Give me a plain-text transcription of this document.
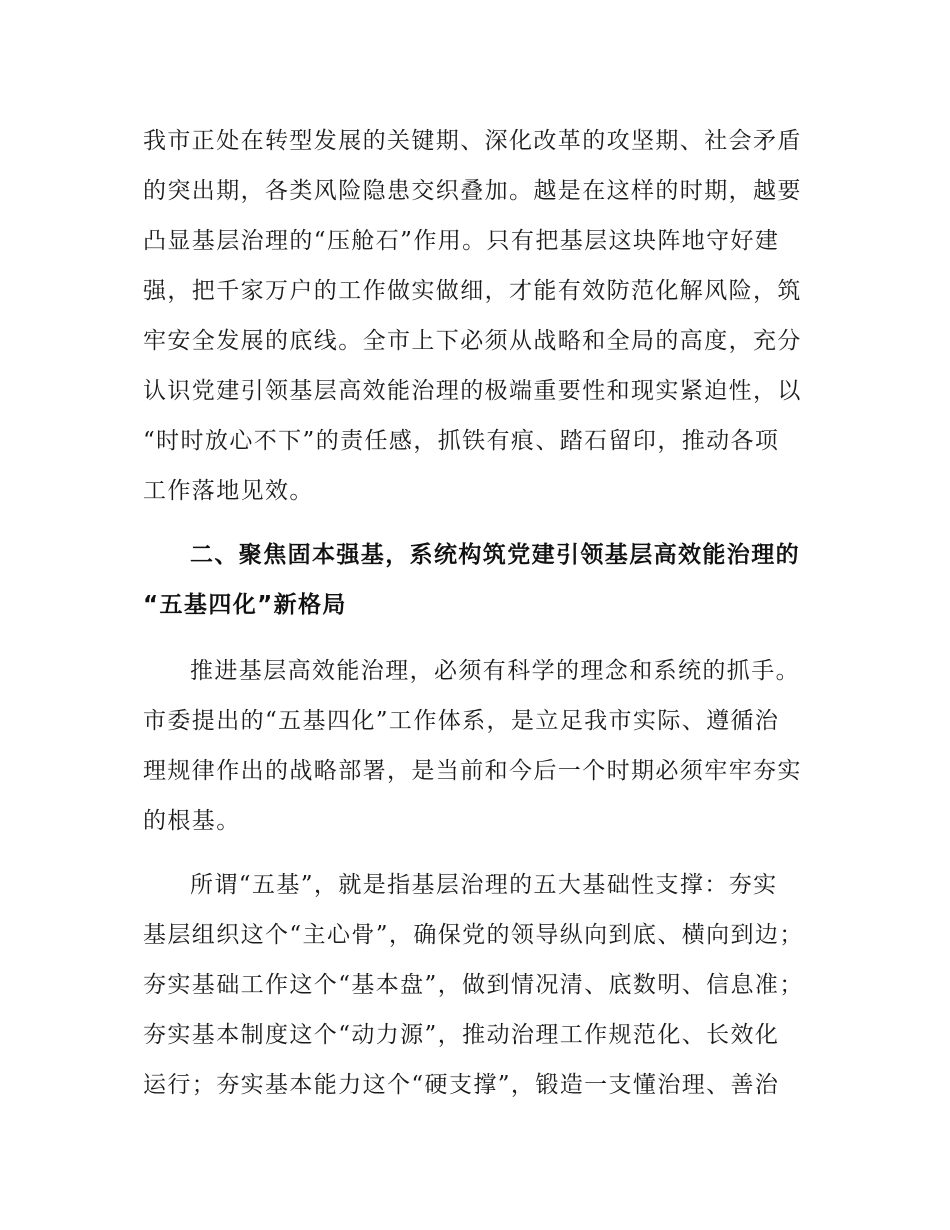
我市正处在转型发展的关键期、深化改革的攻坚期、社会矛盾
的突出期，各类风险隐患交织叠加。越是在这样的时期，越要
凸显基层治理的“压舱石”作用。只有把基层这块阵地守好建
强，把千家万户的工作做实做细，才能有效防范化解风险，筑
牢安全发展的底线。全市上下必须从战略和全局的高度，充分
认识党建引领基层高效能治理的极端重要性和现实紧迫性，以
“时时放心不下”的责任感，抓铁有痕、踏石留印，推动各项
工作落地见效。
二、聚焦固本强基，系统构筑党建引领基层高效能治理的
“五基四化”新格局
推进基层高效能治理，必须有科学的理念和系统的抓手。
市委提出的“五基四化”工作体系，是立足我市实际、遵循治
理规律作出的战略部署，是当前和今后一个时期必须牢牢夯实
的根基。
所谓“五基”，就是指基层治理的五大基础性支撑：夯实
基层组织这个“主心骨”，确保党的领导纵向到底、横向到边；
夯实基础工作这个“基本盘”，做到情况清、底数明、信息准；
夯实基本制度这个“动力源”，推动治理工作规范化、长效化
运行；夯实基本能力这个“硬支撑”，锻造一支懂治理、善治
